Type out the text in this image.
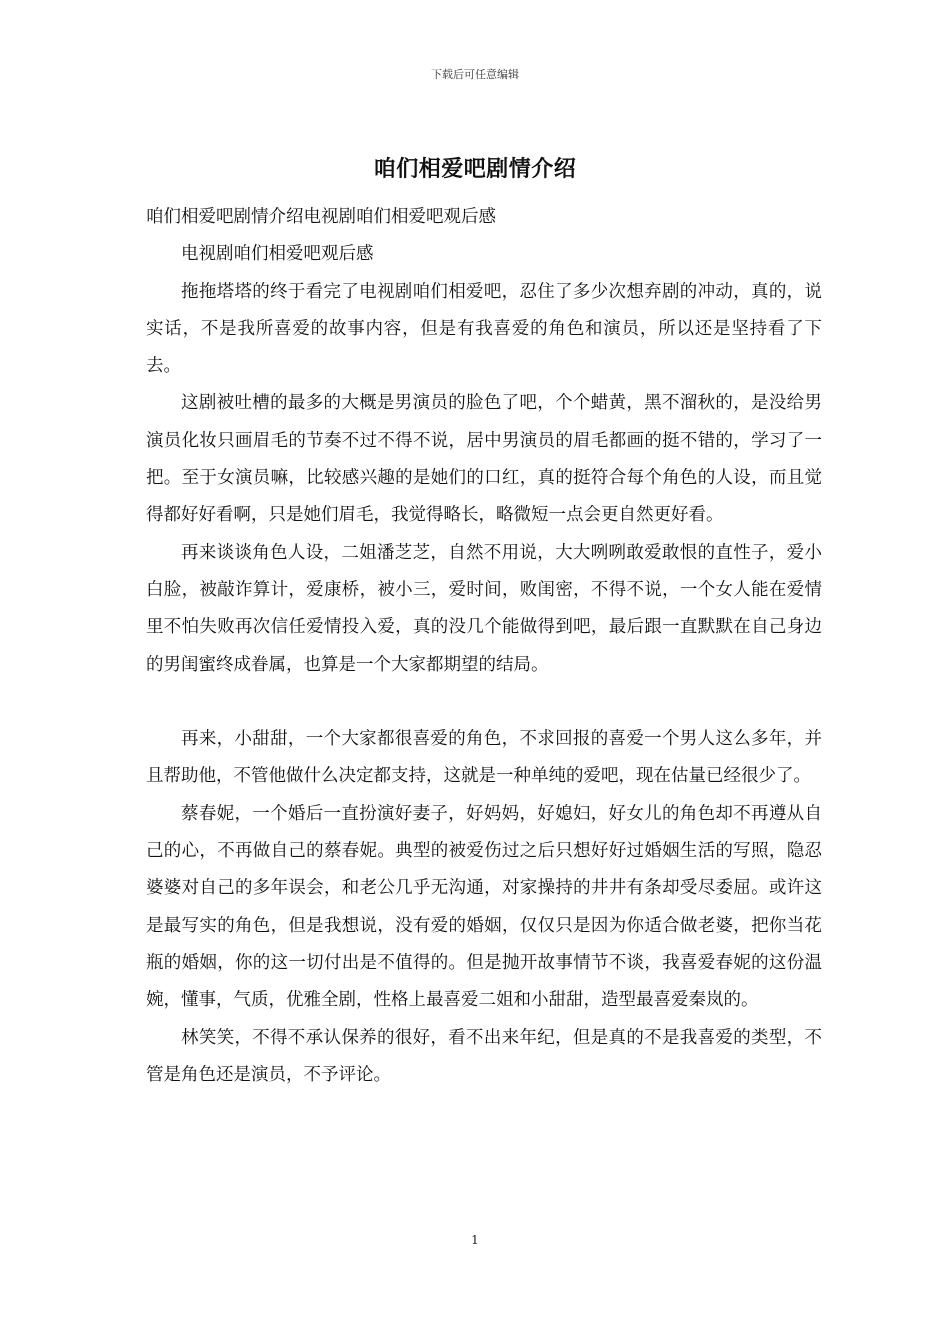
下载后可任意编辑
咱们相爱吧剧情介绍

咱们相爱吧剧情介绍电视剧咱们相爱吧观后感

电视剧咱们相爱吧观后感

拖拖塔塔的终于看完了电视剧咱们相爱吧，忍住了多少次想弃剧的冲动，真的，说实话，不是我所喜爱的故事内容，但是有我喜爱的角色和演员，所以还是坚持看了下去。

这剧被吐槽的最多的大概是男演员的脸色了吧，个个蜡黄，黑不溜秋的，是没给男演员化妆只画眉毛的节奏不过不得不说，居中男演员的眉毛都画的挺不错的，学习了一把。至于女演员嘛，比较感兴趣的是她们的口红，真的挺符合每个角色的人设，而且觉得都好好看啊，只是她们眉毛，我觉得略长，略微短一点会更自然更好看。

再来谈谈角色人设，二姐潘芝芝，自然不用说，大大咧咧敢爱敢恨的直性子，爱小白脸，被敲诈算计，爱康桥，被小三，爱时间，败闺密，不得不说，一个女人能在爱情里不怕失败再次信任爱情投入爱，真的没几个能做得到吧，最后跟一直默默在自己身边的男闺蜜终成眷属，也算是一个大家都期望的结局。

再来，小甜甜，一个大家都很喜爱的角色，不求回报的喜爱一个男人这么多年，并且帮助他，不管他做什么决定都支持，这就是一种单纯的爱吧，现在估量已经很少了。

蔡春妮，一个婚后一直扮演好妻子，好妈妈，好媳妇，好女儿的角色却不再遵从自己的心，不再做自己的蔡春妮。典型的被爱伤过之后只想好好过婚姻生活的写照，隐忍婆婆对自己的多年误会，和老公几乎无沟通，对家操持的井井有条却受尽委屈。或许这是最写实的角色，但是我想说，没有爱的婚姻，仅仅只是因为你适合做老婆，把你当花瓶的婚姻，你的这一切付出是不值得的。但是抛开故事情节不谈，我喜爱春妮的这份温婉，懂事，气质，优雅全剧，性格上最喜爱二姐和小甜甜，造型最喜爱秦岚的。

林笑笑，不得不承认保养的很好，看不出来年纪，但是真的不是我喜爱的类型，不管是角色还是演员，不予评论。

1
